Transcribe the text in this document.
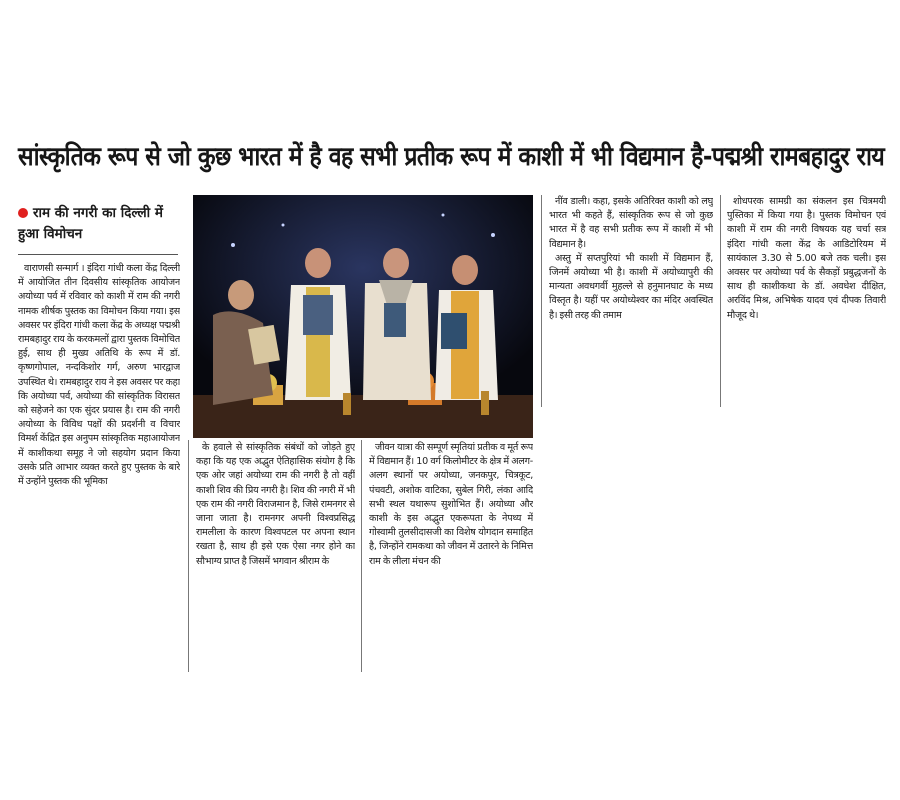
सांस्कृतिक रूप से जो कुछ भारत में है वह सभी प्रतीक रूप में काशी में भी विद्यमान है-पद्मश्री रामबहादुर राय
राम की नगरी का दिल्ली में हुआ विमोचन

वाराणसी सन्मार्ग । इंदिरा गांधी कला केंद्र दिल्ली में आयोजित तीन दिवसीय सांस्कृतिक आयोजन अयोध्या पर्व में रविवार को काशी में राम की नगरी नामक शीर्षक पुस्तक का विमोचन किया गया। इस अवसर पर इंदिरा गांधी कला केंद्र के अध्यक्ष पद्मश्री रामबहादुर राय के करकमलों द्वारा पुस्तक विमोचित हुई, साथ ही मुख्य अतिथि के रूप में डॉ. कृष्णगोपाल, नन्दकिशोर गर्ग, अरुण भारद्वाज उपस्थित थे। रामबहादुर राय ने इस अवसर पर कहा कि अयोध्या पर्व, अयोध्या की सांस्कृतिक विरासत को सहेजने का एक सुंदर प्रयास है। राम की नगरी अयोध्या के विविध पक्षों की प्रदर्शनी व विचार विमर्श केंद्रित इस अनुपम सांस्कृतिक महाआयोजन में काशीकथा समूह ने जो सहयोग प्रदान किया उसके प्रति आभार व्यक्त करते हुए पुस्तक के बारे में उन्होंने पुस्तक की भूमिका

के हवाले से सांस्कृतिक संबंधों को जोड़ते हुए कहा कि यह एक अद्भुत ऐतिहासिक संयोग है कि एक ओर जहां अयोध्या राम की नगरी है तो वहीं काशी शिव की प्रिय नगरी है। शिव की नगरी में भी एक राम की नगरी विराजमान है, जिसे रामनगर से जाना जाता है। रामनगर अपनी विश्वप्रसिद्ध रामलीला के कारण विश्वपटल पर अपना स्थान रखता है, साथ ही इसे एक ऐसा नगर होने का सौभाग्य प्राप्त है जिसमें भगवान श्रीराम के

जीवन यात्रा की सम्पूर्ण स्मृतियां प्रतीक व मूर्त रूप में विद्यमान हैं। 10 वर्ग किलोमीटर के क्षेत्र में अलग-अलग स्थानों पर अयोध्या, जनकपुर, चित्रकूट, पंचवटी, अशोक वाटिका, सुबेल गिरी, लंका आदि सभी स्थल यथारूप सुशोभित हैं। अयोध्या और काशी के इस अद्भुत एकरूपता के नेपथ्य में गोस्वामी तुलसीदासजी का विशेष योगदान समाहित है, जिन्होंने रामकथा को जीवन में उतारने के निमित्त राम के लीला मंचन की

नींव डाली। कहा, इसके अतिरिक्त काशी को लघु भारत भी कहते हैं, सांस्कृतिक रूप से जो कुछ भारत में है वह सभी प्रतीक रूप में काशी में भी विद्यमान है।

अस्तु में सप्तपुरियां भी काशी में विद्यमान हैं, जिनमें अयोध्या भी है। काशी में अयोध्यापुरी की मान्यता अवधगर्वी मुहल्ले से हनुमानघाट के मध्य विस्तृत है। यहीं पर अयोध्येश्वर का मंदिर अवस्थित है। इसी तरह की तमाम

शोधपरक सामग्री का संकलन इस चित्रमयी पुस्तिका में किया गया है। पुस्तक विमोचन एवं काशी में राम की नगरी विषयक यह चर्चा सत्र इंदिरा गांधी कला केंद्र के आडिटोरियम में सायंकाल 3.30 से 5.00 बजे तक चली। इस अवसर पर अयोध्या पर्व के सैकड़ों प्रबुद्धजनों के साथ ही काशीकथा के डॉ. अवधेश दीक्षित, अरविंद मिश्र, अभिषेक यादव एवं दीपक तिवारी मौजूद थे।
